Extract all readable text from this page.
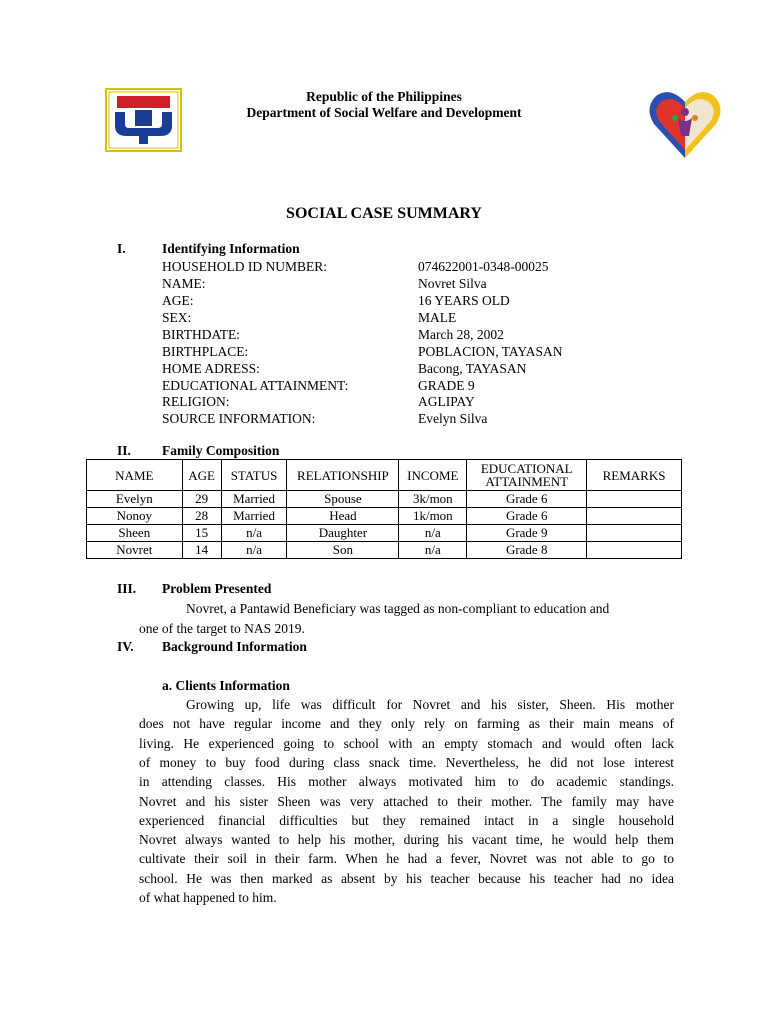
Republic of the Philippines
Department of Social Welfare and Development
SOCIAL CASE SUMMARY
I.	Identifying Information
HOUSEHOLD ID NUMBER:	074622001-0348-00025
NAME:	Novret Silva
AGE:	16 YEARS OLD
SEX:	MALE
BIRTHDATE:	March 28, 2002
BIRTHPLACE:	POBLACION, TAYASAN
HOME ADRESS:	Bacong, TAYASAN
EDUCATIONAL ATTAINMENT:	GRADE 9
RELIGION:	AGLIPAY
SOURCE INFORMATION:	Evelyn Silva
II. Family Composition
NAME	AGE	STATUS	RELATIONSHIP	INCOME	EDUCATIONAL ATTAINMENT	REMARKS
Evelyn	29	Married	Spouse	3k/mon	Grade 6	
Nonoy	28	Married	Head	1k/mon	Grade 6	
Sheen	15	n/a	Daughter	n/a	Grade 9	
Novret	14	n/a	Son	n/a	Grade 8	
III. Problem Presented
Novret, a Pantawid Beneficiary was tagged as non-compliant to education and
one of the target to NAS 2019.
IV. Background Information
a. Clients Information
Growing up, life was difficult for Novret and his sister, Sheen. His mother
does not have regular income and they only rely on farming as their main means of
living. He experienced going to school with an empty stomach and would often lack
of money to buy food during class snack time. Nevertheless, he did not lose interest
in attending classes. His mother always motivated him to do academic standings.
Novret and his sister Sheen was very attached to their mother. The family may have
experienced financial difficulties but they remained intact in a single household
Novret always wanted to help his mother, during his vacant time, he would help them
cultivate their soil in their farm. When he had a fever, Novret was not able to go to
school. He was then marked as absent by his teacher because his teacher had no idea
of what happened to him.
